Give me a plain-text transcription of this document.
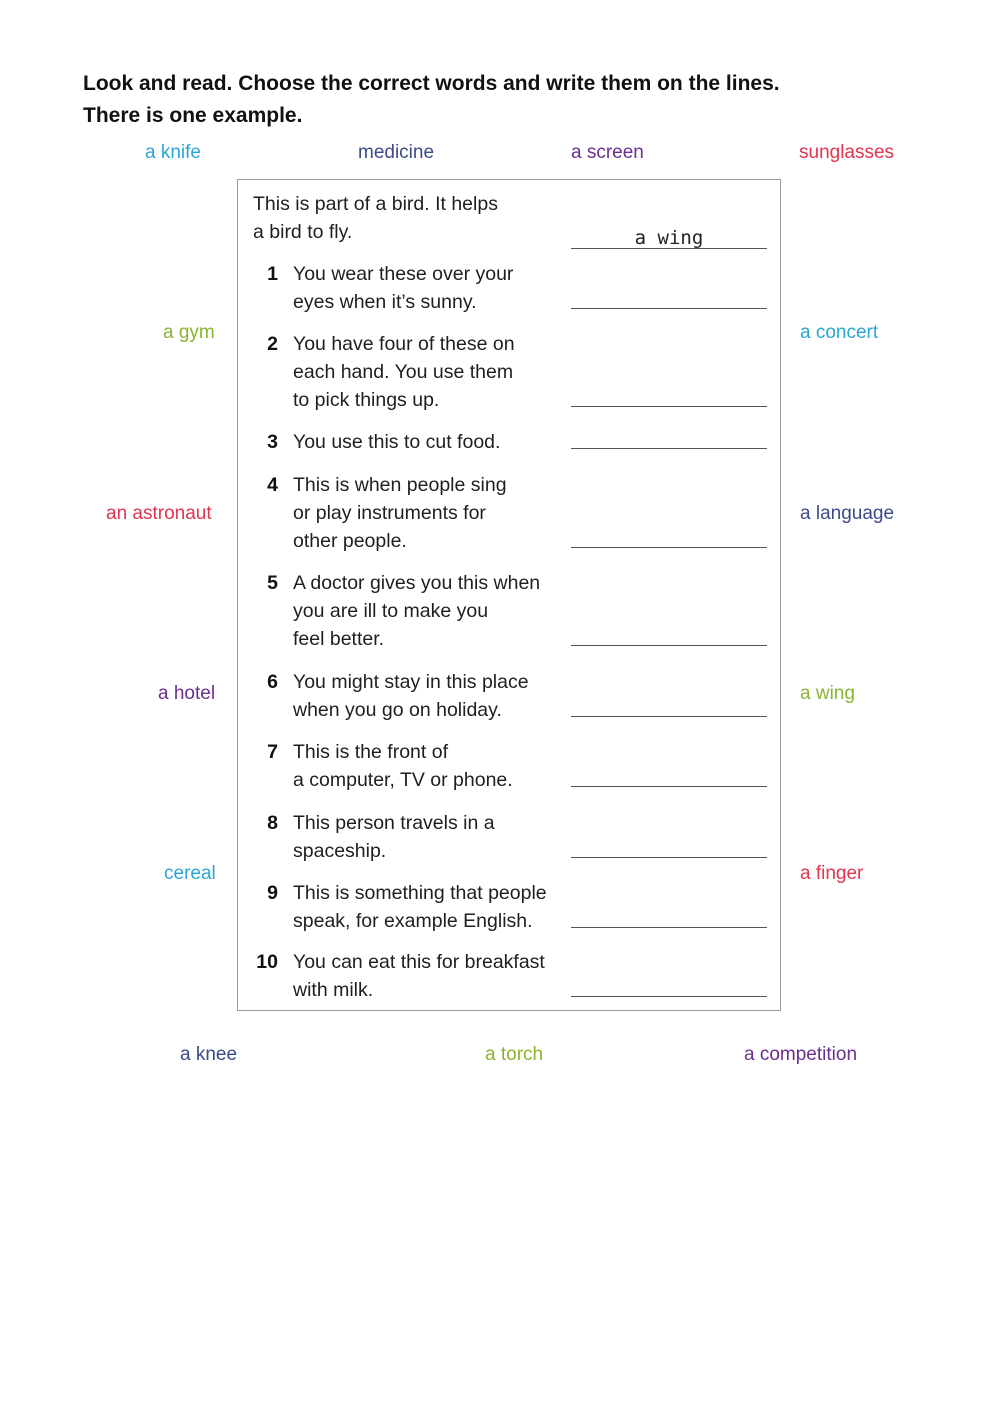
Look and read. Choose the correct words and write them on the lines.
There is one example.
a knife	medicine	a screen	sunglasses
a gym
an astronaut
a hotel
cereal
a concert
a language
a wing
a finger
a knee	a torch	a competition
This is part of a bird. It helps
a bird to fly.	a wing
1 You wear these over your
eyes when it’s sunny.
2 You have four of these on
each hand. You use them
to pick things up.
3 You use this to cut food.
4 This is when people sing
or play instruments for
other people.
5 A doctor gives you this when
you are ill to make you
feel better.
6 You might stay in this place
when you go on holiday.
7 This is the front of
a computer, TV or phone.
8 This person travels in a
spaceship.
9 This is something that people
speak, for example English.
10 You can eat this for breakfast
with milk.
